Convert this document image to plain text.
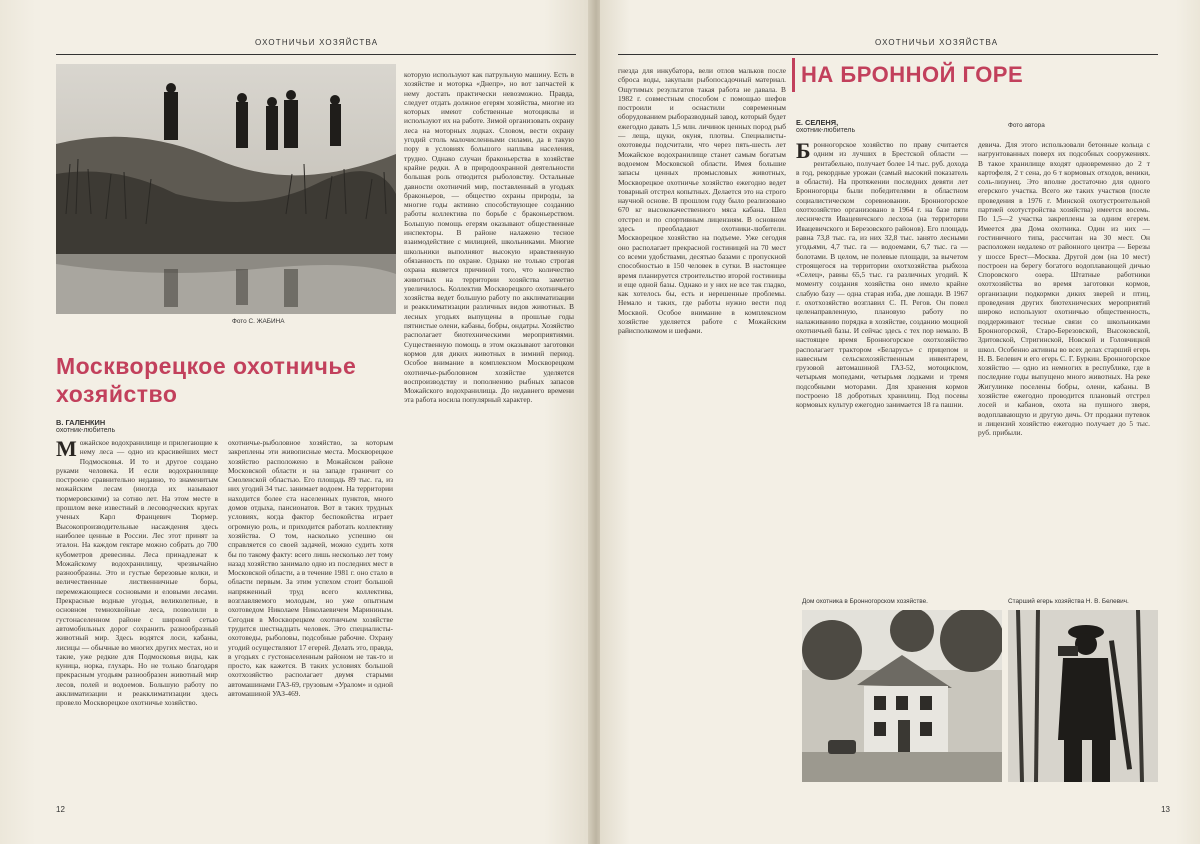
ОХОТНИЧЬИ ХОЗЯЙСТВА
Фото С. ЖАБИНА
Москворецкое охотничье хозяйство
В. ГАЛЕНКИН
охотник-любитель
Можайское водохранилище и прилегающие к нему леса — одно из красивейших мест Подмосковья. И то и другое создано руками человека. И если водохранилище построено сравнительно недавно, то знаменитым можайским лесам (иногда их называют тюрмеровскими) за сотню лет. На этом месте в прошлом веке известный в лесоводческих кругах ученых Карл Францевич Тюрмер. Высокопроизводительные насаждения здесь наиболее ценные в России. Лес этот принят за эталон. На каждом гектаре можно собрать до 700 кубометров древесины. Леса принадлежат к Можайскому водохранилищу, чрезвычайно разнообразны. Это и густые березовые колки, и величественные лиственничные боры, перемежающиеся сосновыми и еловыми лесами. Прекрасные водные угодья, великолепные, в основном темнохвойные леса, позволили в густонаселенном районе с широкой сетью автомобильных дорог сохранить разнообразный животный мир. Здесь водятся лоси, кабаны, лисицы — обычные во многих других местах, но и такие, уже редкие для Подмосковья виды, как куница, норка, глухарь. Но не только благодаря прекрасным угодьям разнообразен животный мир лесов, полей и водоемов. Большую работу по акклиматизации и реакклиматизации здесь провело Москворецкое охотничье хозяйство.
охотничье-рыболовное хозяйство, за которым закреплены эти живописные места. Москворецкое хозяйство расположено в Можайском районе Московской области и на западе граничит со Смоленской областью. Его площадь 89 тыс. га, из них угодий 34 тыс. занимает водоем. На территории находится более ста населенных пунктов, много домов отдыха, пансионатов. Вот в таких трудных условиях, когда фактор беспокойства играет огромную роль, и приходится работать коллективу хозяйства. О том, насколько успешно он справляется со своей задачей, можно судить хотя бы по такому факту: всего лишь несколько лет тому назад хозяйство занимало одно из последних мест в Московской области, а в течение 1981 г. оно стало в области первым. За этим успехом стоит большой напряженный труд всего коллектива, возглавляемого молодым, но уже опытным охотоведом Николаем Николаевичем Марининым. Сегодня в Москворецком охотничьем хозяйстве трудится шестнадцать человек. Это специалисты-охотоведы, рыболовы, подсобные рабочие. Охрану угодий осуществляют 17 егерей. Делать это, правда, в угодьях с густонаселенным районом не так-то и просто, как кажется. В таких условиях большой охотхозяйство располагает двумя старыми автомашинами ГАЗ-69, грузовым «Уралом» и одной автомашиной УАЗ-469.
которую используют как патрульную машину. Есть в хозяйстве и моторка «Днепр», но вот запчастей к нему достать практически невозможно. Правда, следует отдать должное егерям хозяйства, многие из которых имеют собственные мотоциклы и используют их на работе. Зимой организовать охрану леса на моторных лодках. Словом, вести охрану угодий столь малочисленными силами, да в такую пору в условиях большого наплыва населения, трудно. Однако случаи браконьерства в хозяйстве крайне редки. А в природоохранной деятельности большая роль отводится рыболовству. Остальные давности охотничий мир, поставленный в угодьях браконьеров, — общество охраны природы, за многие годы активно способствующее созданию работы коллектива по борьбе с браконьерством. Большую помощь егерям оказывают общественные инспекторы. В районе налажено тесное взаимодействие с милицией, школьниками. Многие школьники выполняют высокую нравственную обязанность по охране. Однако не только строгая охрана является причиной того, что количество животных на территории хозяйства заметно увеличилось. Коллектив Москворецкого охотничьего хозяйства ведет большую работу по акклиматизации и реакклиматизации различных видов животных. В лесных угодьях выпущены в прошлые годы пятнистые олени, кабаны, бобры, ондатры. Хозяйство располагает биотехническими мероприятиями. Существенную помощь в этом оказывают заготовки кормов для диких животных в зимний период. Особое внимание в комплексном Москворецком охотничье-рыболовном хозяйстве уделяется воспроизводству и пополнению рыбных запасов Можайского водохранилища. До недавнего времени эта работа носила популярный характер.
12
ОХОТНИЧЬИ ХОЗЯЙСТВА
гнезда для инкубатора, вели отлов мальков после сброса воды, закупали рыбопосадочный материал. Ощутимых результатов такая работа не давала. В 1982 г. совместным способом с помощью шефов построили и оснастили современным оборудованием рыборазводный завод, который будет ежегодно давать 1,5 млн. личинок ценных пород рыб — леща, щуки, окуня, плотвы. Специалисты-охотоведы подсчитали, что через пять-шесть лет Можайское водохранилище станет самым богатым водоемом Московской области. Имея большие запасы ценных промысловых животных, Москворецкое охотничье хозяйство ежегодно ведет товарный отстрел копытных. Делается это на строго научной основе. В прошлом году было реализовано 670 кг высококачественного мяса кабана. Шел отстрел и по спортивным лицензиям. В основном здесь преобладают охотники-любители. Москворецкое хозяйство на подъеме. Уже сегодня оно располагает прекрасной гостиницей на 70 мест со всеми удобствами, десятью базами с пропускной способностью в 150 человек в сутки. В настоящее время планируется строительство второй гостиницы и еще одной базы. Однако и у них не все так гладко, как хотелось бы, есть и нерешенные проблемы. Немало и таких, где работы нужно вести под Москвой. Особое внимание в комплексном хозяйстве уделяется работе с Можайским райисполкомом и шефами.
НА БРОННОЙ ГОРЕ
Е. СЕЛЕНЯ,
охотник-любитель
Фото автора
Бронногорское хозяйство по праву считается одним из лучших в Брестской области — рентабельно, получает более 14 тыс. руб. дохода в год, рекордные урожаи (самый высокий показатель в области). На протяжении последних девяти лет Бронногорцы были победителями в областном социалистическом соревновании. Бронногорское охотхозяйство организовано в 1964 г. на базе пяти лесничеств Ивацевичского лесхоза (на территории Ивацевичского и Березовского районов). Его площадь равна 73,8 тыс. га, из них 32,8 тыс. занято лесными угодьями, 4,7 тыс. га — водоемами, 6,7 тыс. га — болотами. В целом, не полевые площади, за вычетом строящегося на территории охотхозяйства рыбхоза «Селец», равны 65,5 тыс. га различных угодий. К моменту создания хозяйства оно имело крайне слабую базу — одна старая изба, две лошади. В 1967 г. охотхозяйство возглавил С. П. Регов. Он повел целенаправленную, плановую работу по налаживанию порядка в хозяйстве, созданию мощной охотничьей базы. И сейчас здесь с тех пор немало. В настоящее время Бронногорское охотхозяйство располагает трактором «Беларусь» с прицепом и навесным сельскохозяйственным инвентарем, грузовой автомашиной ГАЗ-52, мотоциклом, четырьмя мопедами, четырьмя лодками и тремя подсобными моторами. Для хранения кормов построено 18 добротных хранилищ. Под посевы кормовых культур ежегодно занимается 18 га пашни.
девича. Для этого использовали бетонные кольца с нагрунтованных поверх их подсобных сооружениях. В такое хранилище входят одновременно до 2 т картофеля, 2 т сена, до 6 т кормовых отходов, веники, соль-лизунец. Это вполне достаточно для одного егерского участка. Всего же таких участков (после проведения в 1976 г. Минской охотустроительной партией охотустройства хозяйства) имеется восемь. По 1,5—2 участка закреплены за одним егерем. Имеется два Дома охотника. Один из них — гостиничного типа, рассчитан на 30 мест. Он расположен недалеко от районного центра — Березы у шоссе Брест—Москва. Другой дом (на 10 мест) построен на берегу богатого водоплавающей дичью Споровского озера. Штатные работники охотхозяйства во время заготовки кормов, организации подкормки диких зверей и птиц, проведения других биотехнических мероприятий широко используют охотничью общественность, поддерживают тесные связи со школьниками Бронногорской, Старо-Березовской, Высоковской, Здитовской, Стригинской, Новской и Головчицкой школ. Особенно активны во всех делах старший егерь Н. В. Белевич и его егерь С. Г. Буркин. Бронногорское хозяйство — одно из немногих в республике, где в последние годы выпущено много животных. На реке Жигулинке поселены бобры, олени, кабаны. В хозяйстве ежегодно проводится плановый отстрел лосей и кабанов, охота на пушного зверя, водоплавающую и другую дичь. От продажи путевок и лицензий хозяйство ежегодно получает до 5 тыс. руб. прибыли.
Дом охотника в Бронногорском хозяйстве.	Старший егерь хозяйства Н. В. Белевич.
13
